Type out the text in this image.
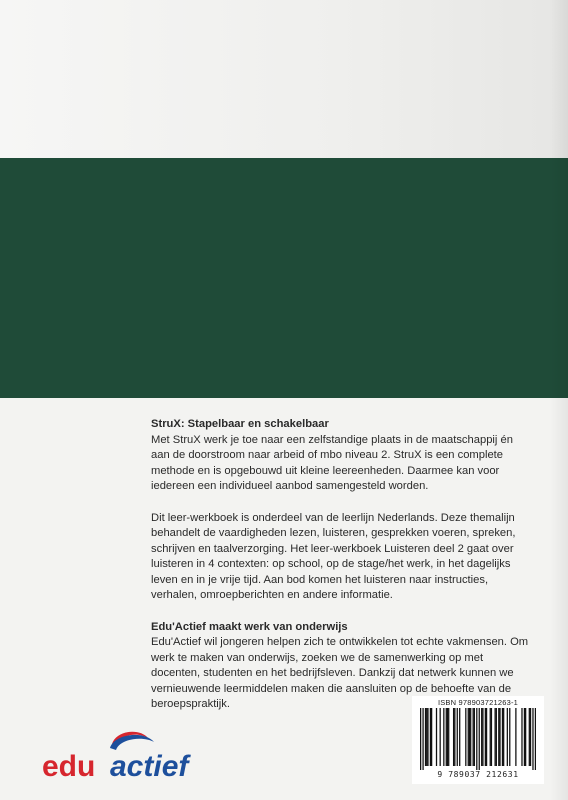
StruX: Stapelbaar en schakelbaar

Met StruX werk je toe naar een zelfstandige plaats in de maatschappij én aan de doorstroom naar arbeid of mbo niveau 2. StruX is een complete methode en is opgebouwd uit kleine leereenheden. Daarmee kan voor iedereen een individueel aanbod samengesteld worden.

Dit leer-werkboek is onderdeel van de leerlijn Nederlands. Deze themalijn behandelt de vaardigheden lezen, luisteren, gesprekken voeren, spreken, schrijven en taalverzorging. Het leer-werkboek Luisteren deel 2 gaat over luisteren in 4 contexten: op school, op de stage/het werk, in het dagelijks leven en in je vrije tijd. Aan bod komen het luisteren naar instructies, verhalen, omroepberichten en andere informatie.

Edu'Actief maakt werk van onderwijs

Edu'Actief wil jongeren helpen zich te ontwikkelen tot echte vakmensen. Om werk te maken van onderwijs, zoeken we de samenwerking op met docenten, studenten en het bedrijfsleven. Dankzij dat netwerk kunnen we vernieuwende leermiddelen maken die aansluiten op de behoefte van de beroepspraktijk.

edu actief
ISBN 978903721263-1
9 789037 212631
